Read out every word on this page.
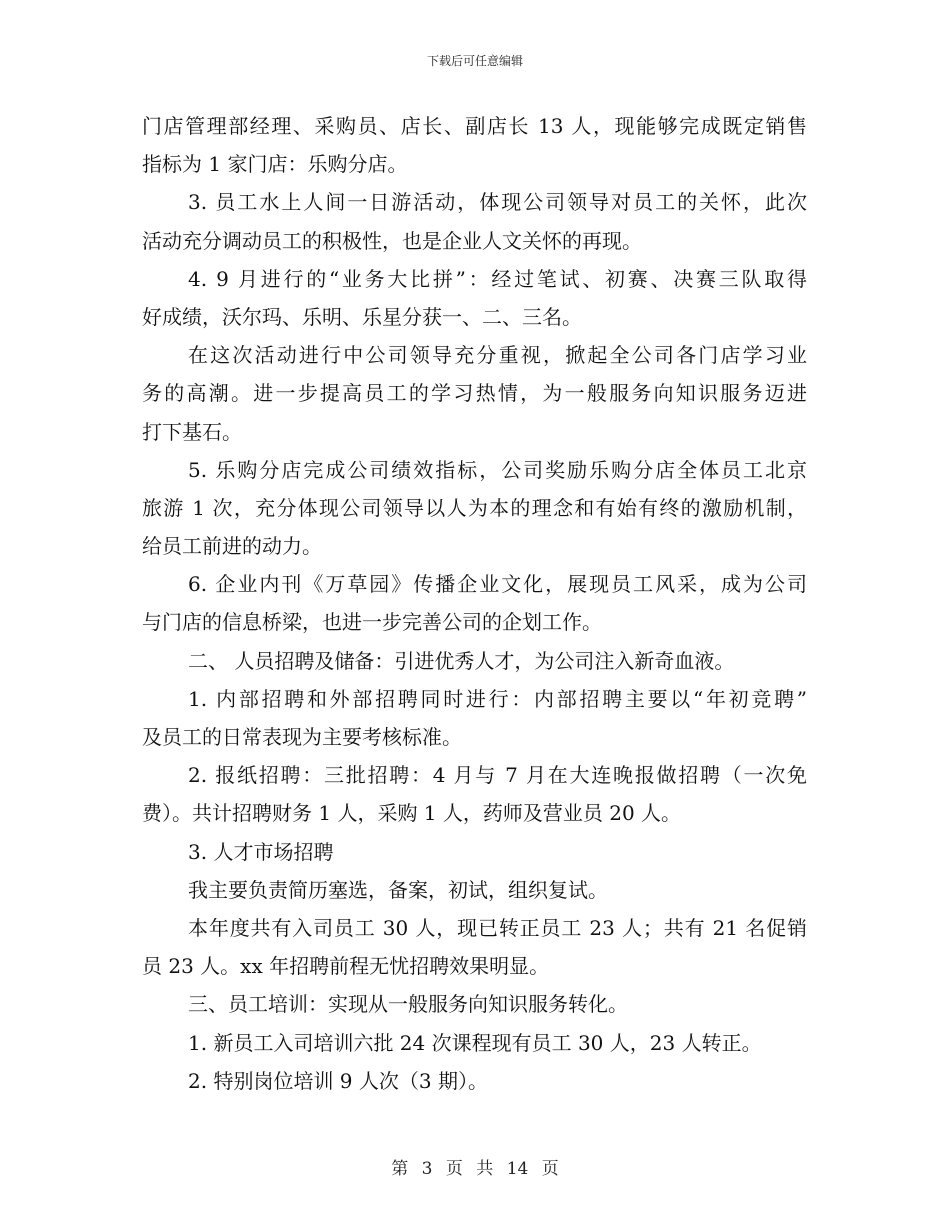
下载后可任意编辑
门店管理部经理、采购员、店长、副店长 13 人，现能够完成既定销售
指标为 1 家门店：乐购分店。
3. 员工水上人间一日游活动，体现公司领导对员工的关怀，此次
活动充分调动员工的积极性，也是企业人文关怀的再现。
4. 9 月进行的“业务大比拼”：经过笔试、初赛、决赛三队取得
好成绩，沃尔玛、乐明、乐星分获一、二、三名。
在这次活动进行中公司领导充分重视，掀起全公司各门店学习业
务的高潮。进一步提高员工的学习热情，为一般服务向知识服务迈进
打下基石。
5. 乐购分店完成公司绩效指标，公司奖励乐购分店全体员工北京
旅游 1 次，充分体现公司领导以人为本的理念和有始有终的激励机制，
给员工前进的动力。
6. 企业内刊《万草园》传播企业文化，展现员工风采，成为公司
与门店的信息桥梁，也进一步完善公司的企划工作。
二、 人员招聘及储备：引进优秀人才，为公司注入新奇血液。
1. 内部招聘和外部招聘同时进行：内部招聘主要以“年初竞聘”
及员工的日常表现为主要考核标准。
2. 报纸招聘：三批招聘：4 月与 7 月在大连晚报做招聘（一次免
费）。共计招聘财务 1 人，采购 1 人，药师及营业员 20 人。
3. 人才市场招聘
我主要负责简历塞选，备案，初试，组织复试。
本年度共有入司员工 30 人，现已转正员工 23 人；共有 21 名促销
员 23 人。xx 年招聘前程无忧招聘效果明显。
三、员工培训：实现从一般服务向知识服务转化。
1. 新员工入司培训六批 24 次课程现有员工 30 人，23 人转正。
2. 特别岗位培训 9 人次（3 期）。
第 3 页 共 14 页
